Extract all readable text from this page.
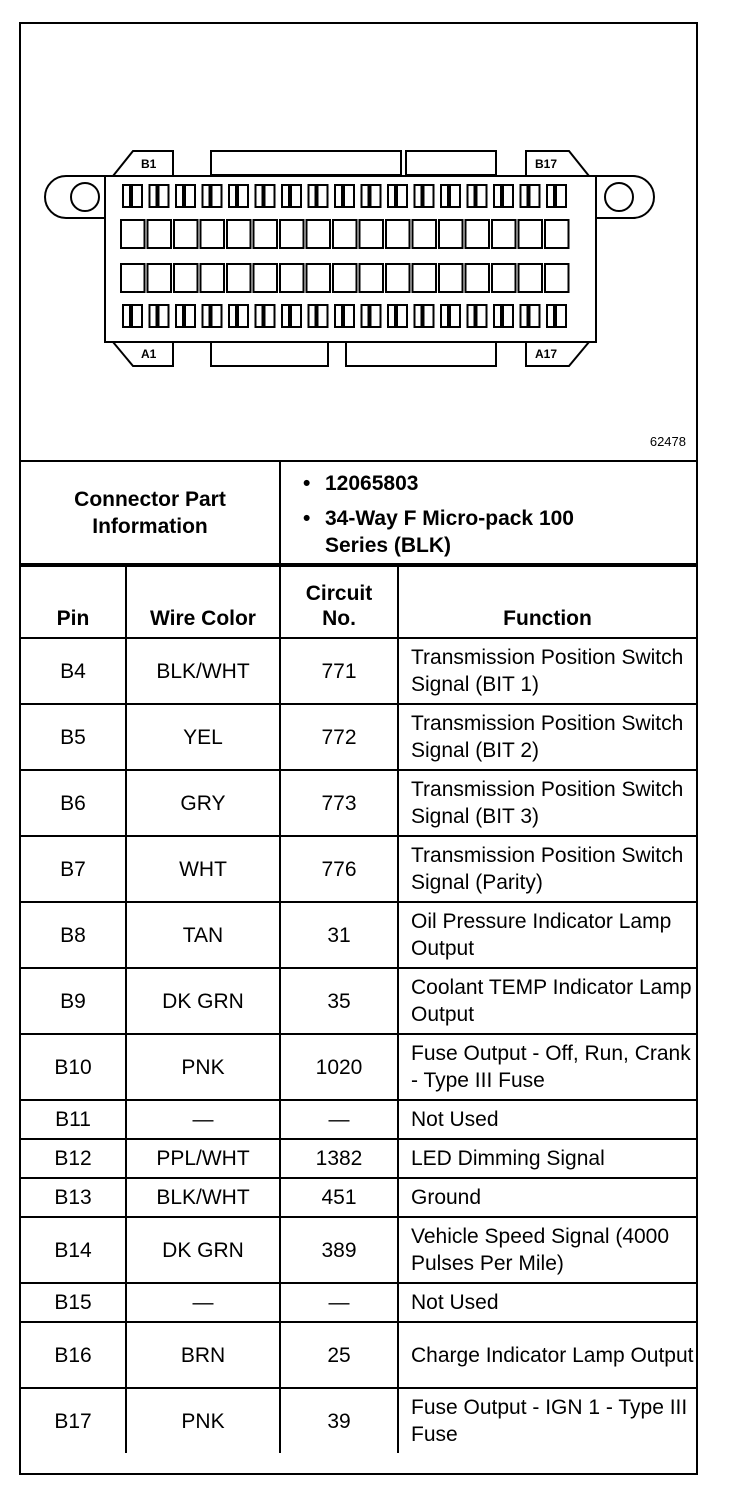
B1	B17
A1	A17
62478
Connector Part Information
• 12065803
• 34-Way F Micro-pack 100 Series (BLK)
Pin	Wire Color	Circuit No.	Function
B4	BLK/WHT	771	Transmission Position Switch Signal (BIT 1)
B5	YEL	772	Transmission Position Switch Signal (BIT 2)
B6	GRY	773	Transmission Position Switch Signal (BIT 3)
B7	WHT	776	Transmission Position Switch Signal (Parity)
B8	TAN	31	Oil Pressure Indicator Lamp Output
B9	DK GRN	35	Coolant TEMP Indicator Lamp Output
B10	PNK	1020	Fuse Output - Off, Run, Crank - Type III Fuse
B11	—	—	Not Used
B12	PPL/WHT	1382	LED Dimming Signal
B13	BLK/WHT	451	Ground
B14	DK GRN	389	Vehicle Speed Signal (4000 Pulses Per Mile)
B15	—	—	Not Used
B16	BRN	25	Charge Indicator Lamp Output
B17	PNK	39	Fuse Output - IGN 1 - Type III Fuse
